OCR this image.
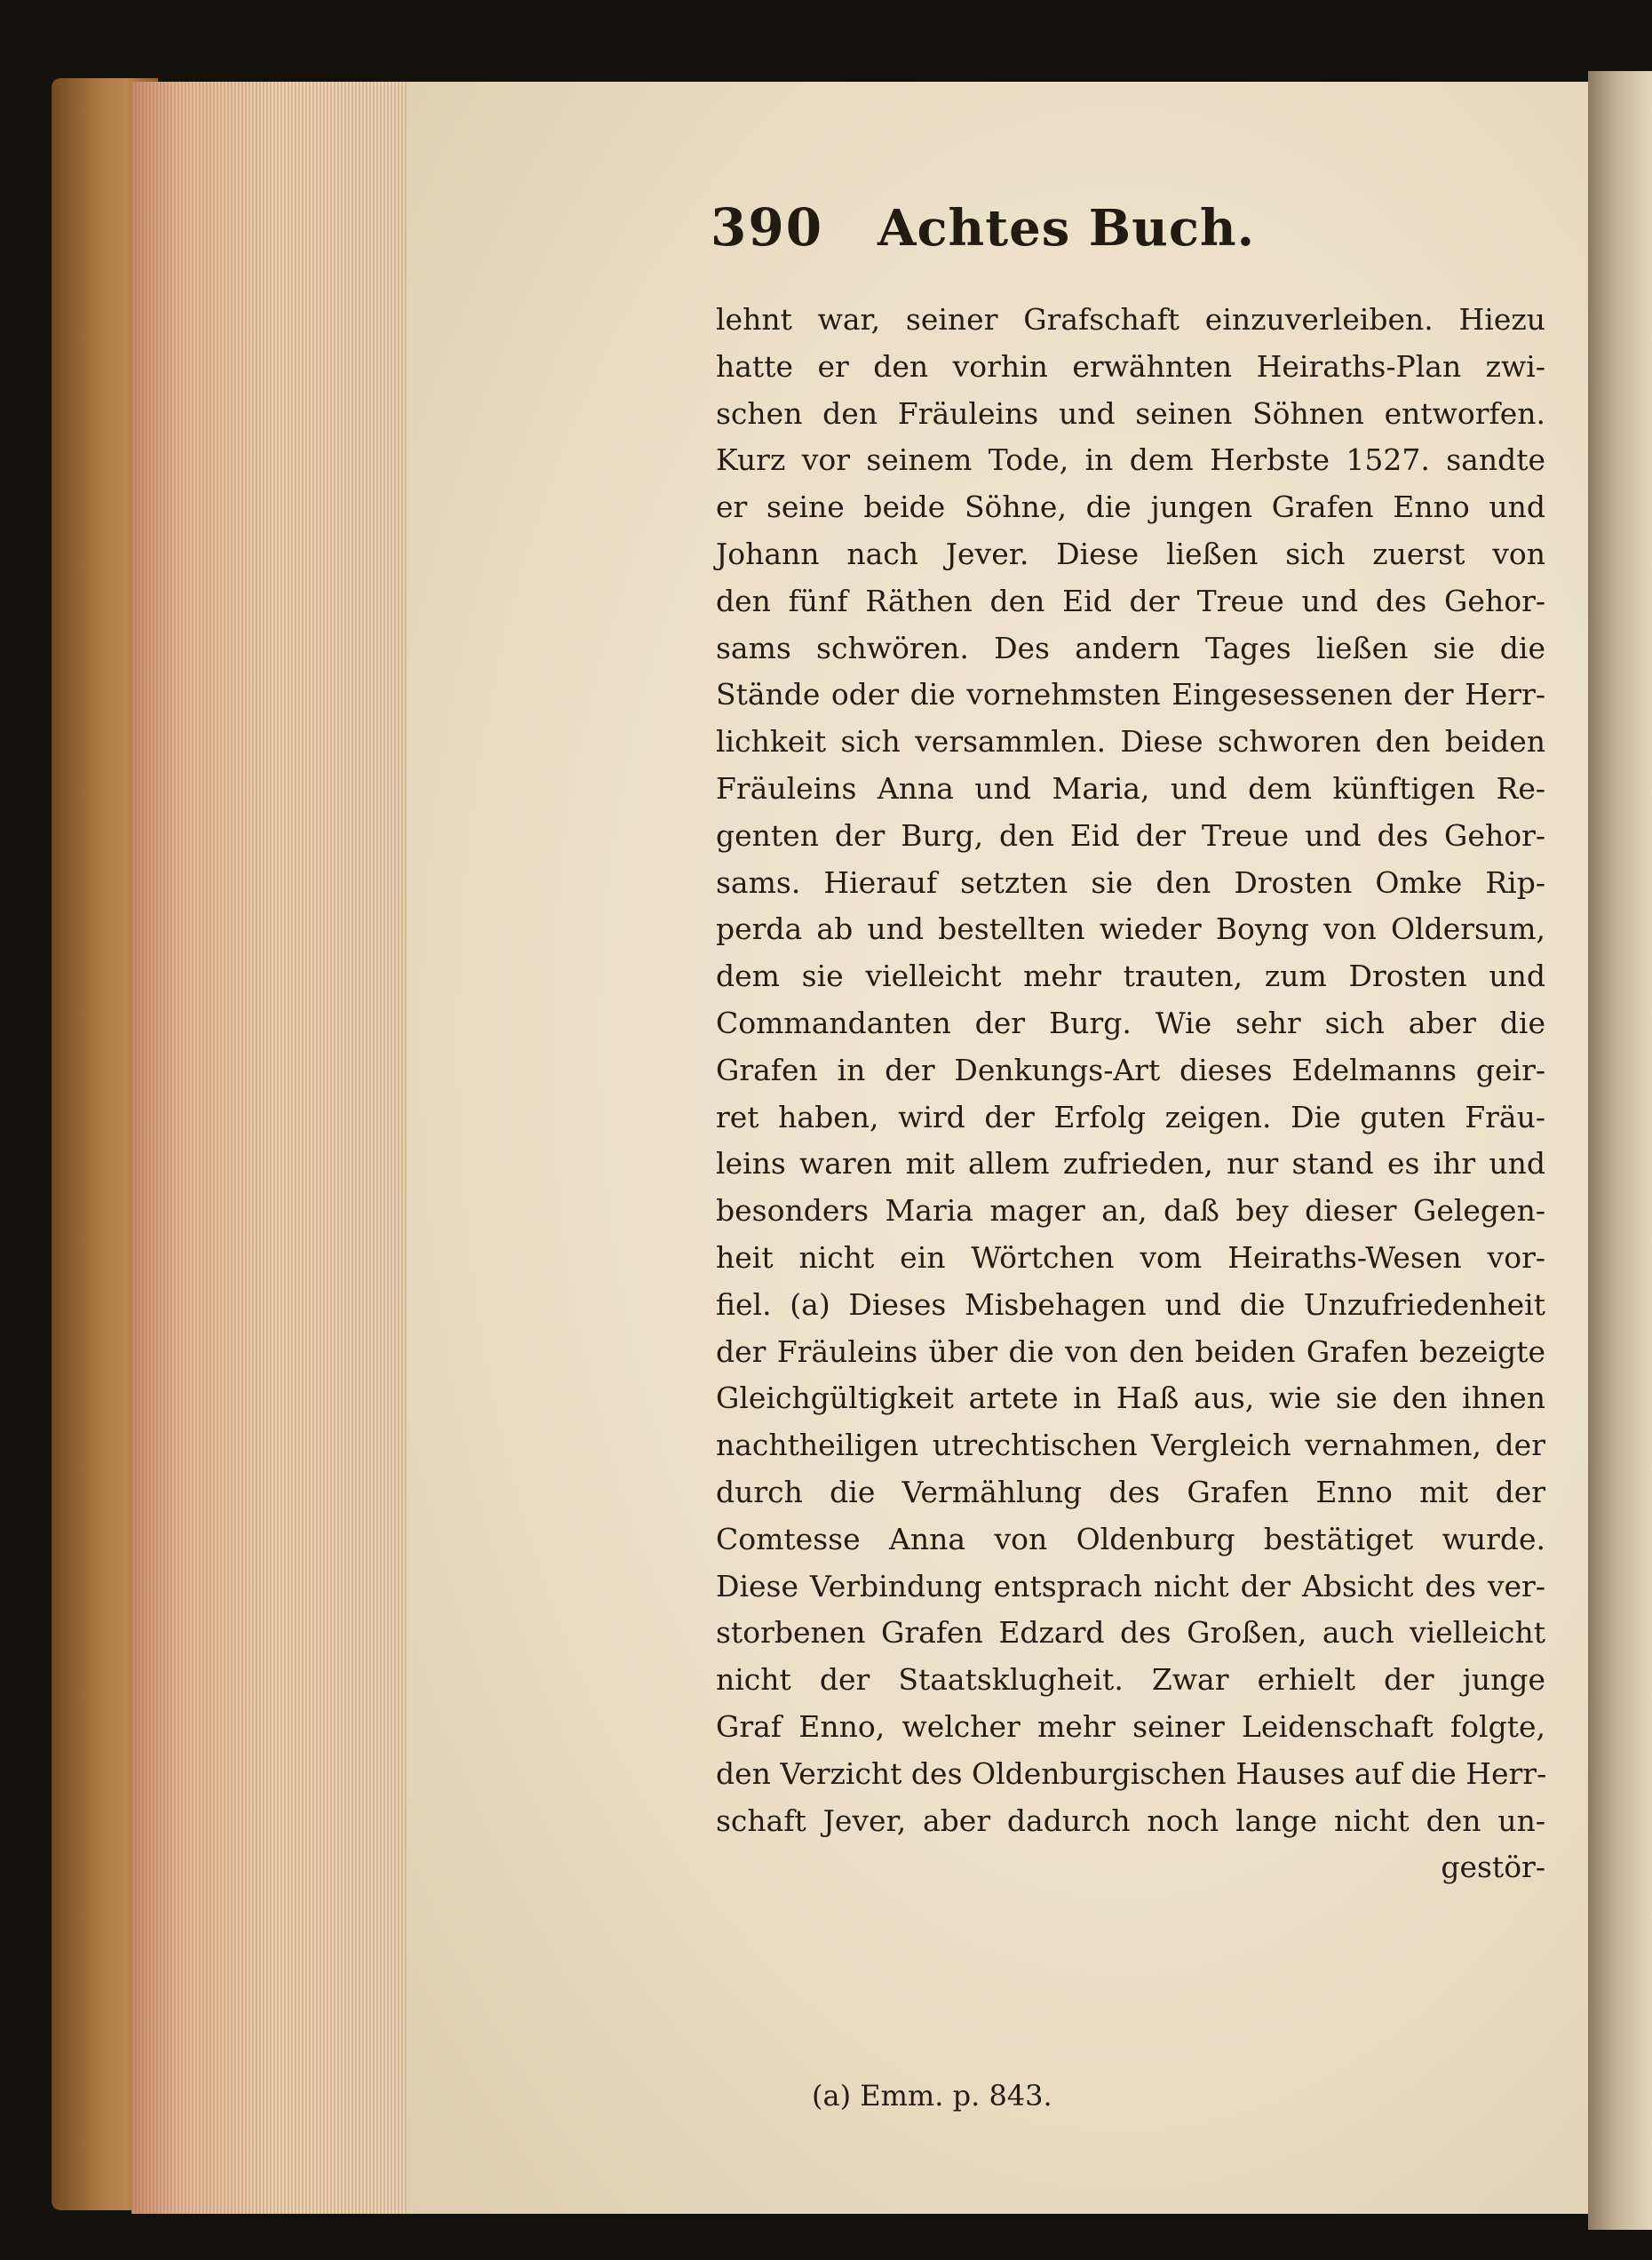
390 Achtes Buch.
lehnt war, seiner Grafschaft einzuverleiben. Hiezu
hatte er den vorhin erwähnten Heiraths-Plan zwi-
schen den Fräuleins und seinen Söhnen entworfen.
Kurz vor seinem Tode, in dem Herbste 1527. sandte
er seine beide Söhne, die jungen Grafen Enno und
Johann nach Jever. Diese ließen sich zuerst von
den fünf Räthen den Eid der Treue und des Gehor-
sams schwören. Des andern Tages ließen sie die
Stände oder die vornehmsten Eingesessenen der Herr-
lichkeit sich versammlen. Diese schworen den beiden
Fräuleins Anna und Maria, und dem künftigen Re-
genten der Burg, den Eid der Treue und des Gehor-
sams. Hierauf setzten sie den Drosten Omke Rip-
perda ab und bestellten wieder Boyng von Oldersum,
dem sie vielleicht mehr trauten, zum Drosten und
Commandanten der Burg. Wie sehr sich aber die
Grafen in der Denkungs-Art dieses Edelmanns geir-
ret haben, wird der Erfolg zeigen. Die guten Fräu-
leins waren mit allem zufrieden, nur stand es ihr und
besonders Maria mager an, daß bey dieser Gelegen-
heit nicht ein Wörtchen vom Heiraths-Wesen vor-
fiel. (a) Dieses Misbehagen und die Unzufriedenheit
der Fräuleins über die von den beiden Grafen bezeigte
Gleichgültigkeit artete in Haß aus, wie sie den ihnen
nachtheiligen utrechtischen Vergleich vernahmen, der
durch die Vermählung des Grafen Enno mit der
Comtesse Anna von Oldenburg bestätiget wurde.
Diese Verbindung entsprach nicht der Absicht des ver-
storbenen Grafen Edzard des Großen, auch vielleicht
nicht der Staatsklugheit. Zwar erhielt der junge
Graf Enno, welcher mehr seiner Leidenschaft folgte,
den Verzicht des Oldenburgischen Hauses auf die Herr-
schaft Jever, aber dadurch noch lange nicht den un-
gestör-
(a) Emm. p. 843.
